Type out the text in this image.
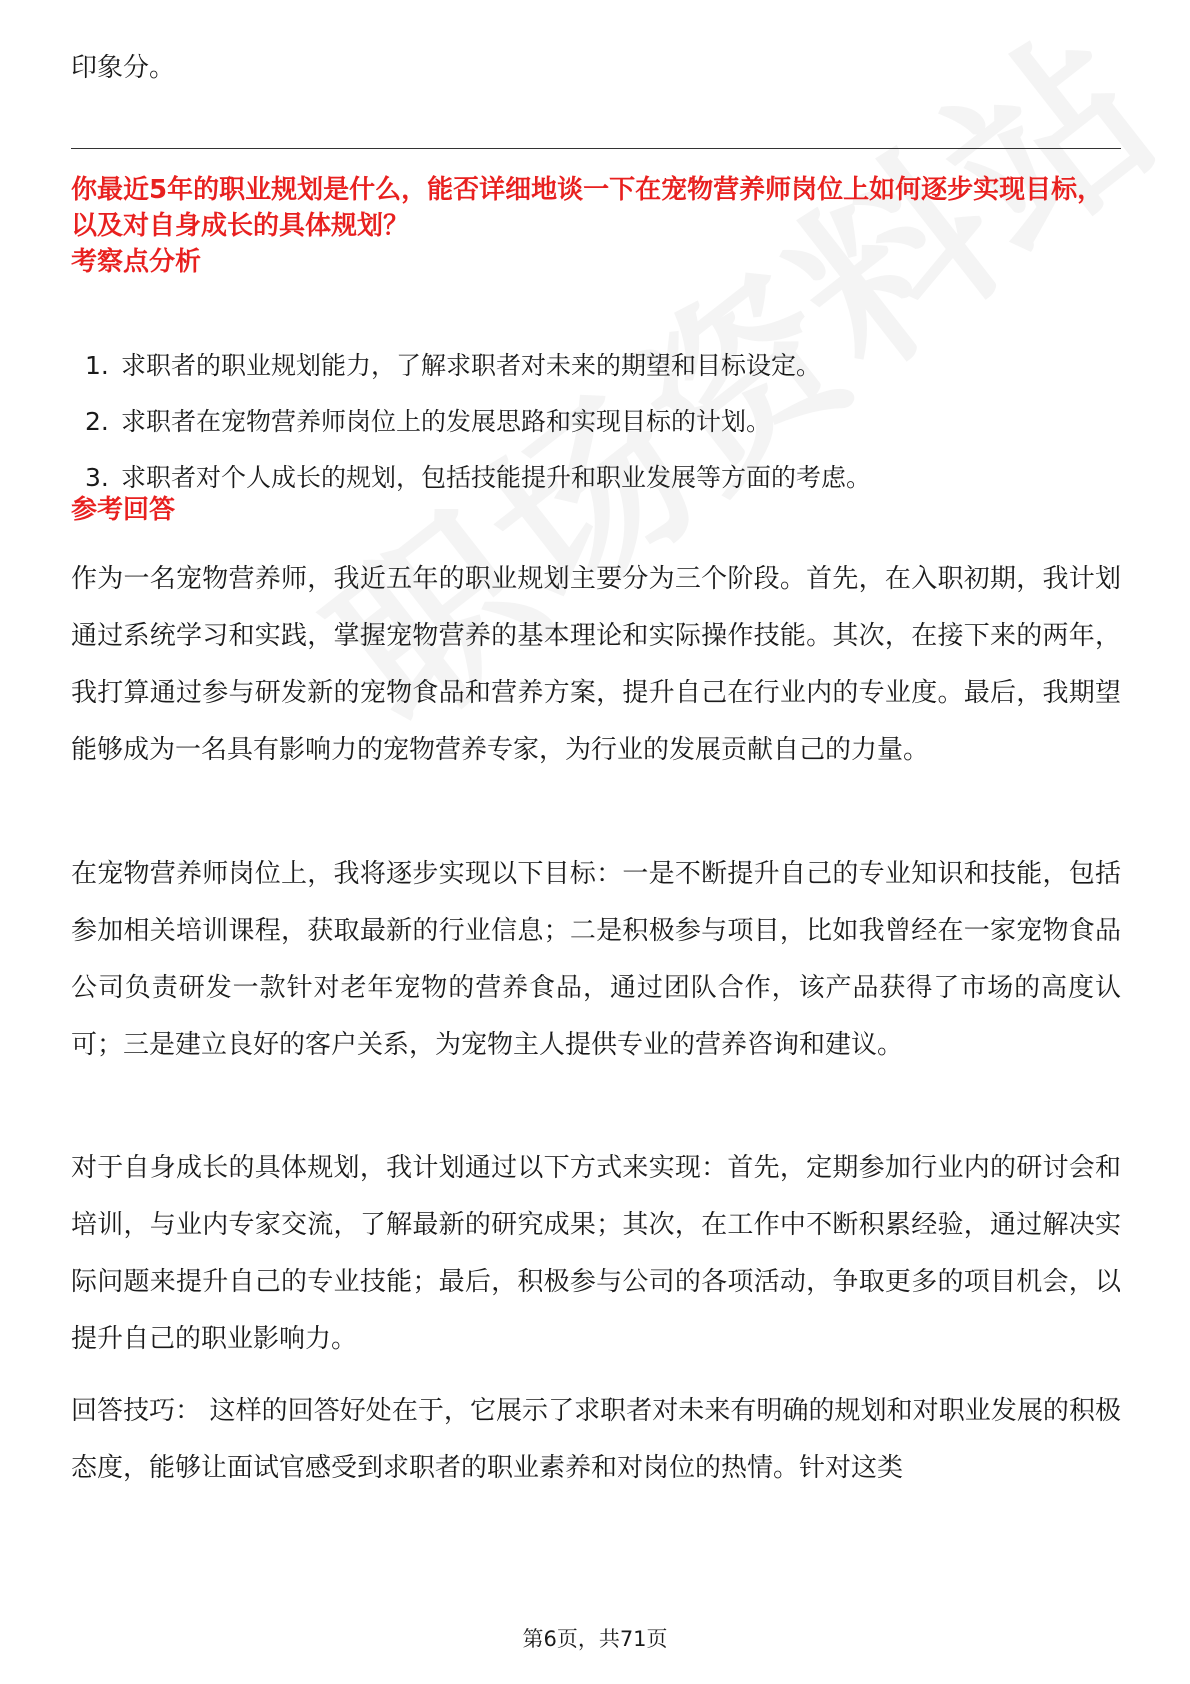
印象分。
你最近5年的职业规划是什么，能否详细地谈一下在宠物营养师岗位上如何逐步实现目标，以及对自身成长的具体规划？
考察点分析
1. 求职者的职业规划能力，了解求职者对未来的期望和目标设定。
2. 求职者在宠物营养师岗位上的发展思路和实现目标的计划。
3. 求职者对个人成长的规划，包括技能提升和职业发展等方面的考虑。
参考回答

作为一名宠物营养师，我近五年的职业规划主要分为三个阶段。首先，在入职初期，我计划通过系统学习和实践，掌握宠物营养的基本理论和实际操作技能。其次，在接下来的两年，我打算通过参与研发新的宠物食品和营养方案，提升自己在行业内的专业度。最后，我期望能够成为一名具有影响力的宠物营养专家，为行业的发展贡献自己的力量。

在宠物营养师岗位上，我将逐步实现以下目标：一是不断提升自己的专业知识和技能，包括参加相关培训课程，获取最新的行业信息；二是积极参与项目，比如我曾经在一家宠物食品公司负责研发一款针对老年宠物的营养食品，通过团队合作，该产品获得了市场的高度认可；三是建立良好的客户关系，为宠物主人提供专业的营养咨询和建议。

对于自身成长的具体规划，我计划通过以下方式来实现：首先，定期参加行业内的研讨会和培训，与业内专家交流，了解最新的研究成果；其次，在工作中不断积累经验，通过解决实际问题来提升自己的专业技能；最后，积极参与公司的各项活动，争取更多的项目机会，以提升自己的职业影响力。

回答技巧： 这样的回答好处在于，它展示了求职者对未来有明确的规划和对职业发展的积极态度，能够让面试官感受到求职者的职业素养和对岗位的热情。针对这类

第6页，共71页
